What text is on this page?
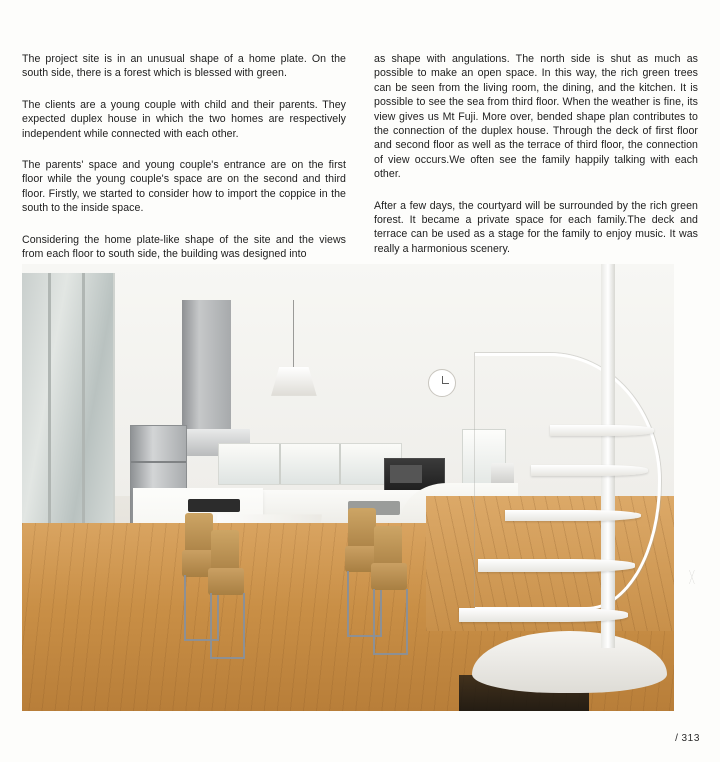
The project site is in an unusual shape of a home plate. On the south side, there is a forest which is blessed with green.

The clients are a young couple with child and their parents. They expected duplex house in which the two homes are respectively independent while connected with each other.

The parents' space and young couple's entrance are on the first floor while the young couple's space are on the second and third floor. Firstly, we started to consider how to import the coppice in the south to the inside space.

Considering the home plate-like shape of the site and the views from each floor to south side, the building was designed into

as shape with angulations. The north side is shut as much as possible to make an open space. In this way, the rich green trees can be seen from the living room, the dining, and the kitchen. It is possible to see the sea from third floor. When the weather is fine, its view gives us Mt Fuji. More over, bended shape plan contributes to the connection of the duplex house. Through the deck of first floor and second floor as well as the terrace of third floor, the connection of view occurs.We often see the family happily talking with each other.

After a few days, the courtyard will be surrounded by the rich green forest. It became a private space for each family.The deck and terrace can be used as a stage for the family to enjoy music. It was really a harmonious scenery.

/ 313
